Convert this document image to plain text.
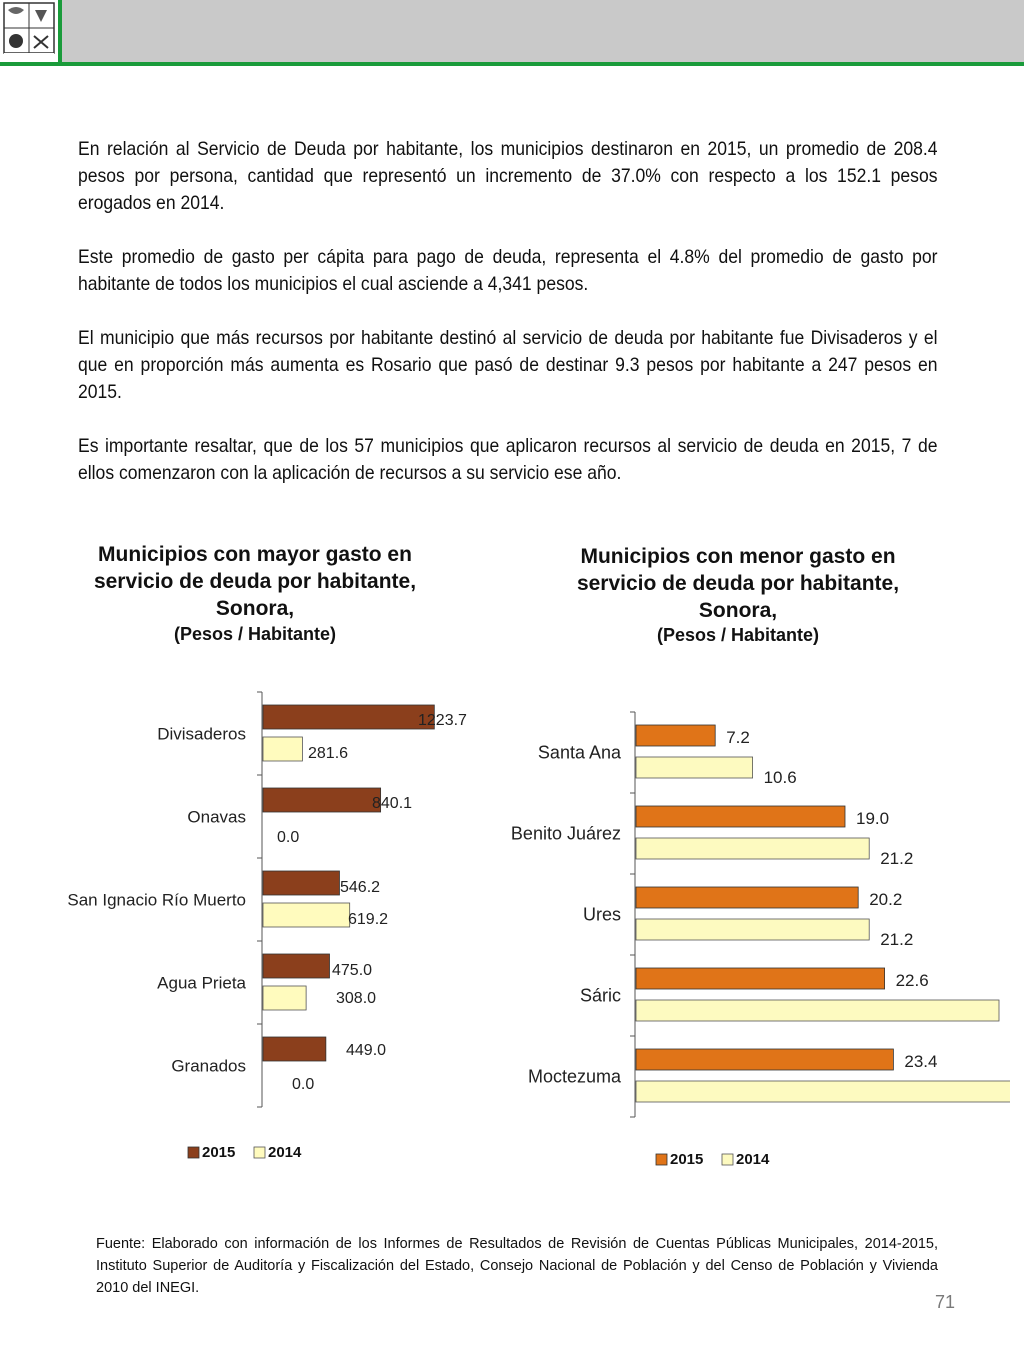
En relación al Servicio de Deuda por habitante, los municipios destinaron en 2015, un promedio de 208.4 pesos por persona, cantidad que representó un incremento de 37.0% con respecto a los 152.1 pesos erogados en 2014.

Este promedio de gasto per cápita para pago de deuda, representa el 4.8% del promedio de gasto por habitante de todos los municipios el cual asciende a 4,341 pesos.

El municipio que más recursos por habitante destinó al servicio de deuda por habitante fue Divisaderos y el que en proporción más aumenta es Rosario que pasó de destinar 9.3 pesos por habitante a 247 pesos en 2015.

Es importante resaltar, que de los 57 municipios que aplicaron recursos al servicio de deuda en 2015, 7 de ellos comenzaron con la aplicación de recursos a su servicio ese año.

Municipios con mayor gasto en servicio de deuda por habitante, Sonora,
(Pesos / Habitante)
Municipios con menor gasto en servicio de deuda por habitante, Sonora,
(Pesos / Habitante)
Divisaderos
1223.7
281.6
Onavas
840.1
0.0
San Ignacio Río Muerto
546.2
619.2
Agua Prieta
475.0
308.0
Granados
449.0
0.0
2015 2014
Santa Ana
7.2
10.6
Benito Juárez
19.0
21.2
Ures
20.2
21.2
Sáric
22.6
Moctezuma
23.4
2015 2014
Fuente: Elaborado con información de los Informes de Resultados de Revisión de Cuentas Públicas Municipales, 2014-2015, Instituto Superior de Auditoría y Fiscalización del Estado, Consejo Nacional de Población y del Censo de Población y Vivienda 2010 del INEGI.
71
